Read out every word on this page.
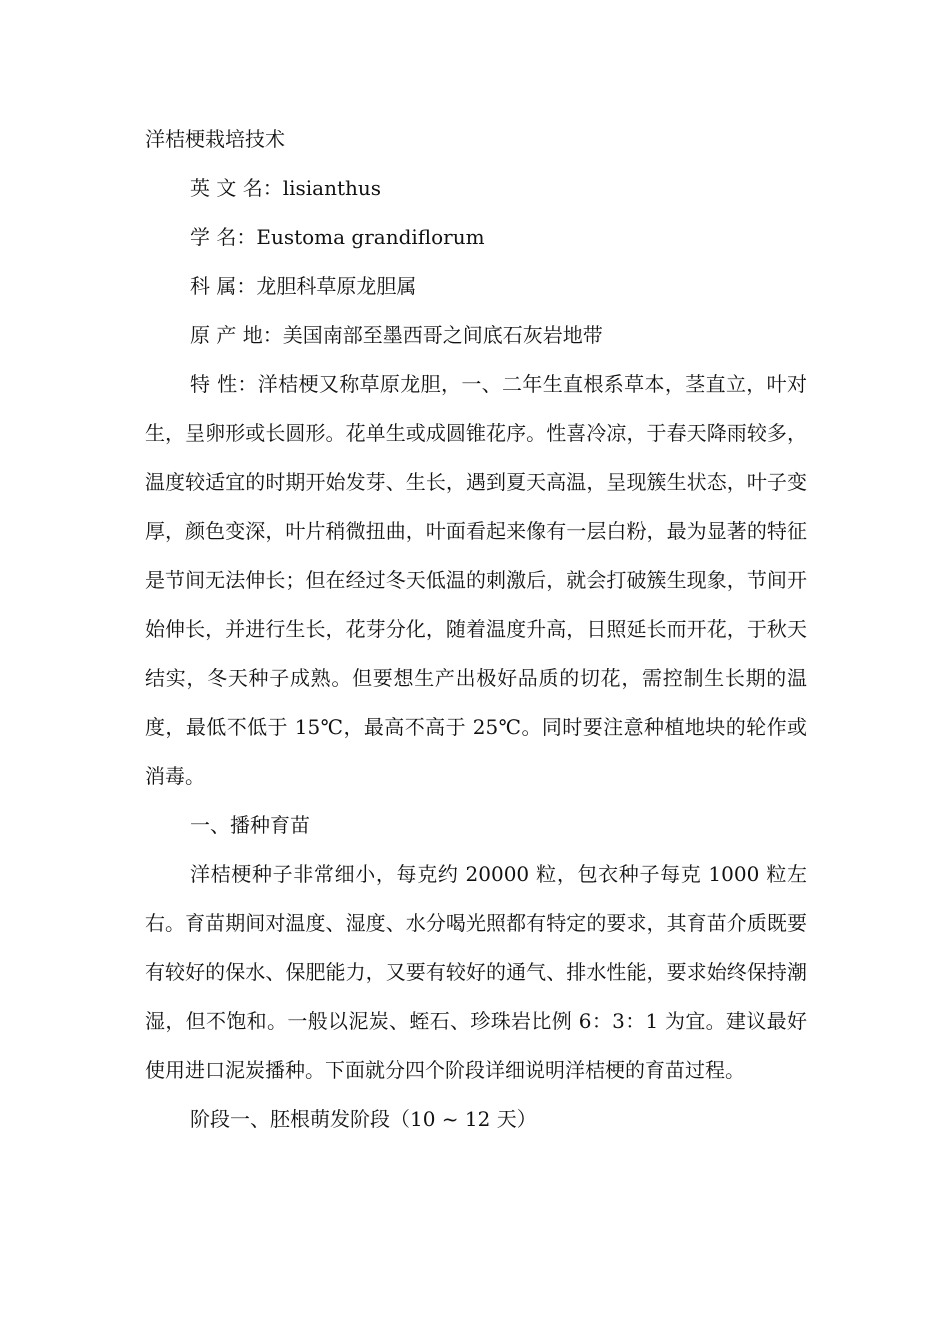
洋桔梗栽培技术

英 文 名：lisianthus

学 名：Eustoma grandiflorum

科 属：龙胆科草原龙胆属

原 产 地：美国南部至墨西哥之间底石灰岩地带

特 性：洋桔梗又称草原龙胆，一、二年生直根系草本，茎直立，叶对生，呈卵形或长圆形。花单生或成圆锥花序。性喜冷凉，于春天降雨较多，温度较适宜的时期开始发芽、生长，遇到夏天高温，呈现簇生状态，叶子变厚，颜色变深，叶片稍微扭曲，叶面看起来像有一层白粉，最为显著的特征是节间无法伸长；但在经过冬天低温的刺激后，就会打破簇生现象，节间开始伸长，并进行生长，花芽分化，随着温度升高，日照延长而开花，于秋天结实，冬天种子成熟。但要想生产出极好品质的切花，需控制生长期的温度，最低不低于 15℃，最高不高于 25℃。同时要注意种植地块的轮作或消毒。

一、播种育苗

洋桔梗种子非常细小，每克约 20000 粒，包衣种子每克 1000 粒左右。育苗期间对温度、湿度、水分喝光照都有特定的要求，其育苗介质既要有较好的保水、保肥能力，又要有较好的通气、排水性能，要求始终保持潮湿，但不饱和。一般以泥炭、蛭石、珍珠岩比例 6：3：1 为宜。建议最好使用进口泥炭播种。下面就分四个阶段详细说明洋桔梗的育苗过程。

阶段一、胚根萌发阶段（10 ~ 12 天）
